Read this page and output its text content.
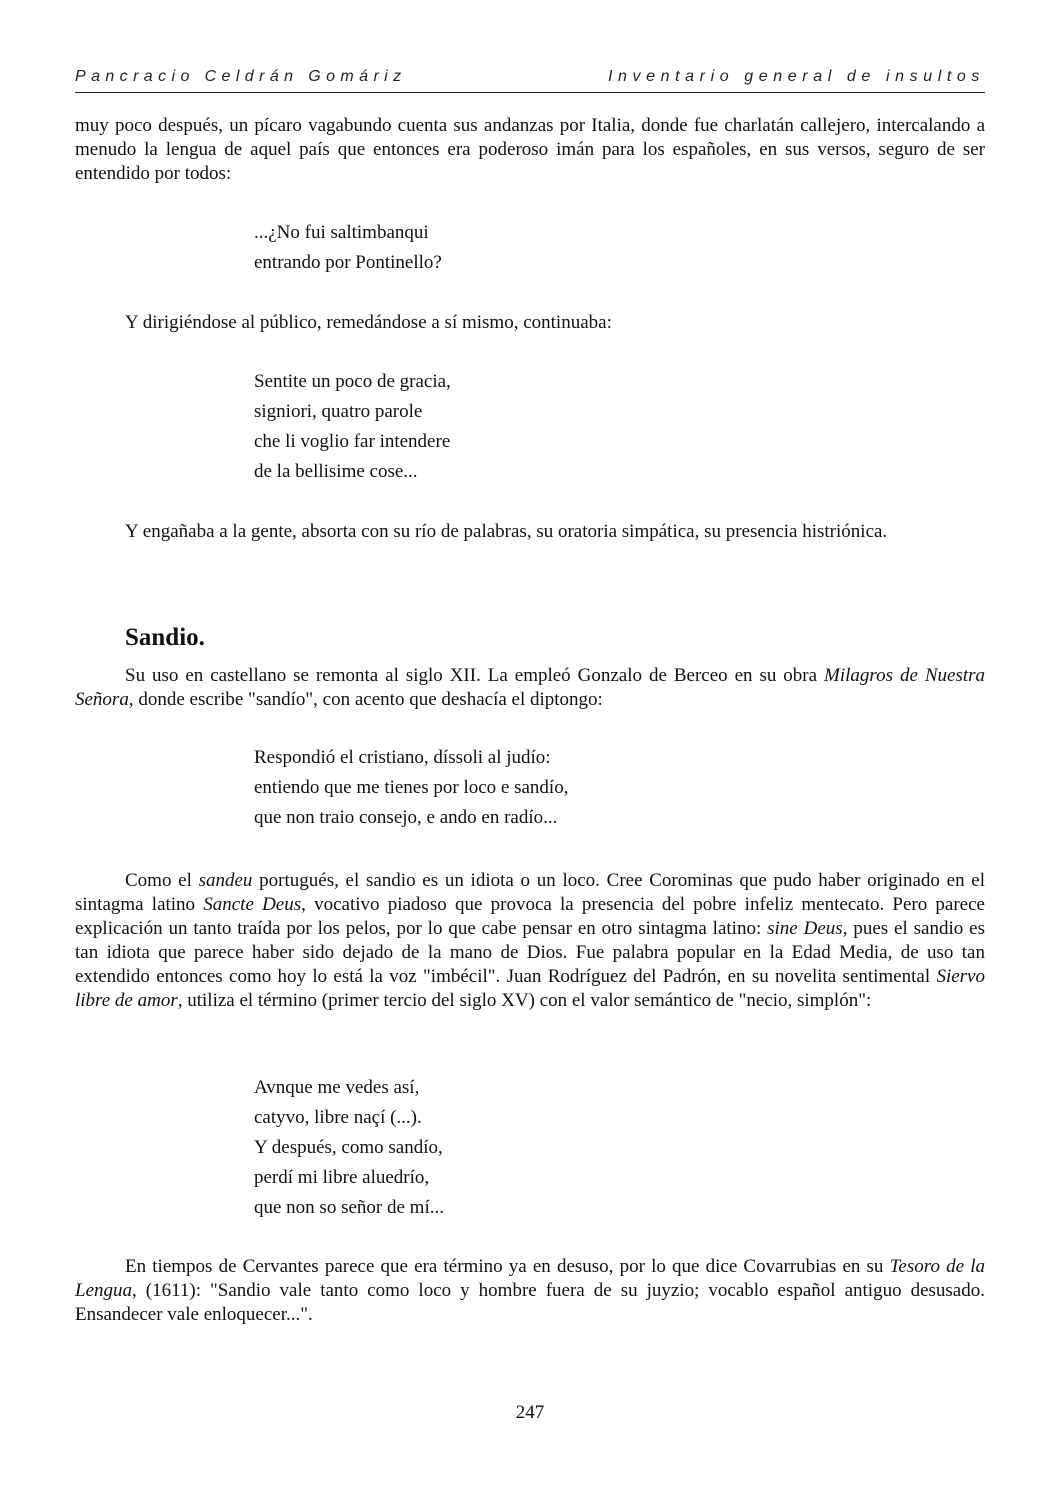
Pancracio Celdrán Gomáriz	Inventario general de insultos
muy poco después, un pícaro vagabundo cuenta sus andanzas por Italia, donde fue charlatán callejero, intercalando a menudo la lengua de aquel país que entonces era poderoso imán para los españoles, en sus versos, seguro de ser entendido por todos:
...¿No fui saltimbanqui
entrando por Pontinello?
Y dirigiéndose al público, remedándose a sí mismo, continuaba:
Sentite un poco de gracia,
signiori, quatro parole
che li voglio far intendere
de la bellisime cose...
Y engañaba a la gente, absorta con su río de palabras, su oratoria simpática, su presencia histriónica.
Sandio.
Su uso en castellano se remonta al siglo XII. La empleó Gonzalo de Berceo en su obra Milagros de Nuestra Señora, donde escribe "sandío", con acento que deshacía el diptongo:
Respondió el cristiano, díssoli al judío:
entiendo que me tienes por loco e sandío,
que non traio consejo, e ando en radío...
Como el sandeu portugués, el sandio es un idiota o un loco. Cree Corominas que pudo haber originado en el sintagma latino Sancte Deus, vocativo piadoso que provoca la presencia del pobre infeliz mentecato. Pero parece explicación un tanto traída por los pelos, por lo que cabe pensar en otro sintagma latino: sine Deus, pues el sandio es tan idiota que parece haber sido dejado de la mano de Dios. Fue palabra popular en la Edad Media, de uso tan extendido entonces como hoy lo está la voz "imbécil". Juan Rodríguez del Padrón, en su novelita sentimental Siervo libre de amor, utiliza el término (primer tercio del siglo XV) con el valor semántico de "necio, simplón":
Avnque me vedes así,
catyvo, libre naçí (...).
Y después, como sandío,
perdí mi libre aluedrío,
que non so señor de mí...
En tiempos de Cervantes parece que era término ya en desuso, por lo que dice Covarrubias en su Tesoro de la Lengua, (1611): "Sandio vale tanto como loco y hombre fuera de su juyzio; vocablo español antiguo desusado. Ensandecer vale enloquecer...".
247
